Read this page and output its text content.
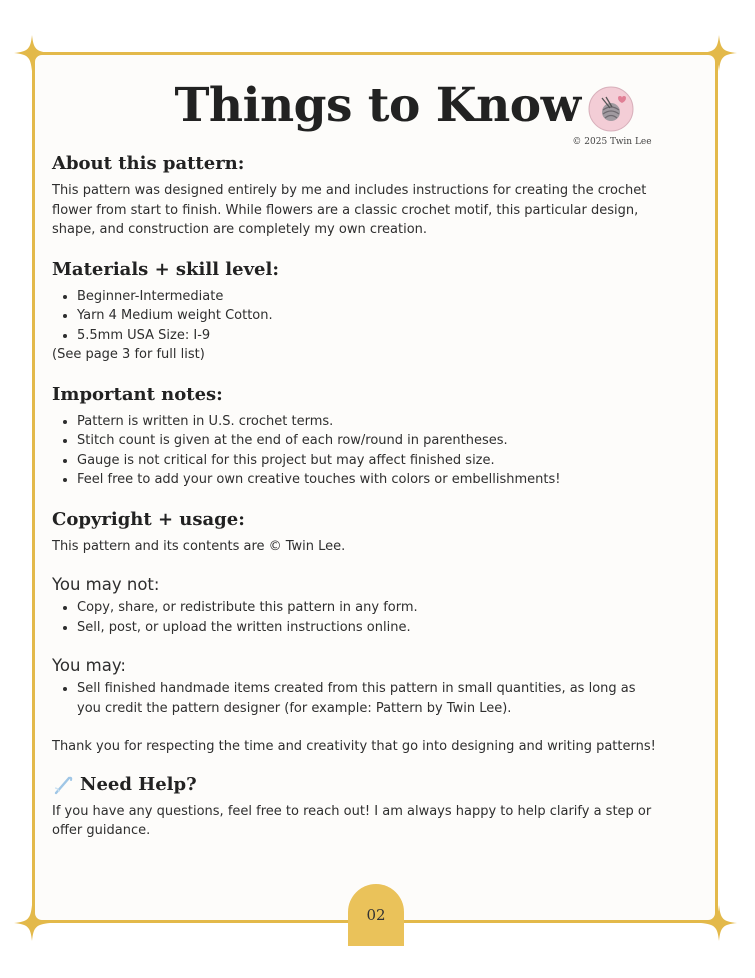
Things to Know
© 2025 Twin Lee
About this pattern:

This pattern was designed entirely by me and includes instructions for creating the crochet flower from start to finish. While flowers are a classic crochet motif, this particular design, shape, and construction are completely my own creation.

Materials + skill level:
• Beginner-Intermediate
• Yarn 4 Medium weight Cotton.
• 5.5mm USA Size: I-9

(See page 3 for full list)

Important notes:
• Pattern is written in U.S. crochet terms.
• Stitch count is given at the end of each row/round in parentheses.
• Gauge is not critical for this project but may affect finished size.
• Feel free to add your own creative touches with colors or embellishments!
Copyright + usage:

This pattern and its contents are © Twin Lee.

You may not:
• Copy, share, or redistribute this pattern in any form.
• Sell, post, or upload the written instructions online.
You may:
• Sell finished handmade items created from this pattern in small quantities, as long as you credit the pattern designer (for example: Pattern by Twin Lee).

Thank you for respecting the time and creativity that go into designing and writing patterns!

Need Help?

If you have any questions, feel free to reach out! I am always happy to help clarify a step or offer guidance.

02
